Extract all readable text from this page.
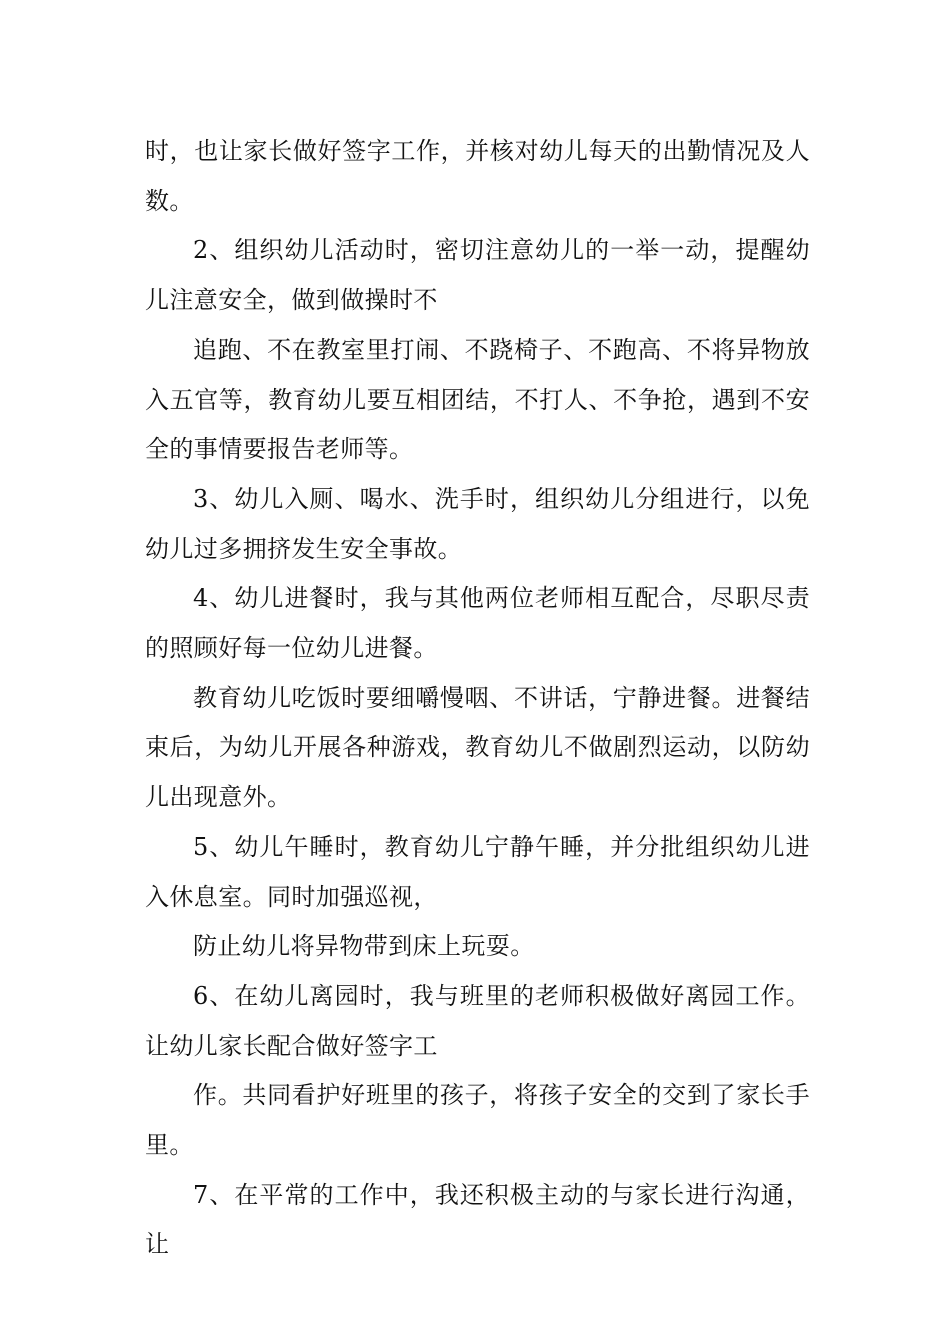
时，也让家长做好签字工作，并核对幼儿每天的出勤情况及人数。

2、组织幼儿活动时，密切注意幼儿的一举一动，提醒幼儿注意安全，做到做操时不

追跑、不在教室里打闹、不跷椅子、不跑高、不将异物放入五官等，教育幼儿要互相团结，不打人、不争抢，遇到不安全的事情要报告老师等。

3、幼儿入厕、喝水、洗手时，组织幼儿分组进行，以免幼儿过多拥挤发生安全事故。

4、幼儿进餐时，我与其他两位老师相互配合，尽职尽责的照顾好每一位幼儿进餐。

教育幼儿吃饭时要细嚼慢咽、不讲话，宁静进餐。进餐结束后，为幼儿开展各种游戏，教育幼儿不做剧烈运动，以防幼儿出现意外。

5、幼儿午睡时，教育幼儿宁静午睡，并分批组织幼儿进入休息室。同时加强巡视，

防止幼儿将异物带到床上玩耍。

6、在幼儿离园时，我与班里的老师积极做好离园工作。让幼儿家长配合做好签字工

作。共同看护好班里的孩子，将孩子安全的交到了家长手里。

7、在平常的工作中，我还积极主动的与家长进行沟通，让
